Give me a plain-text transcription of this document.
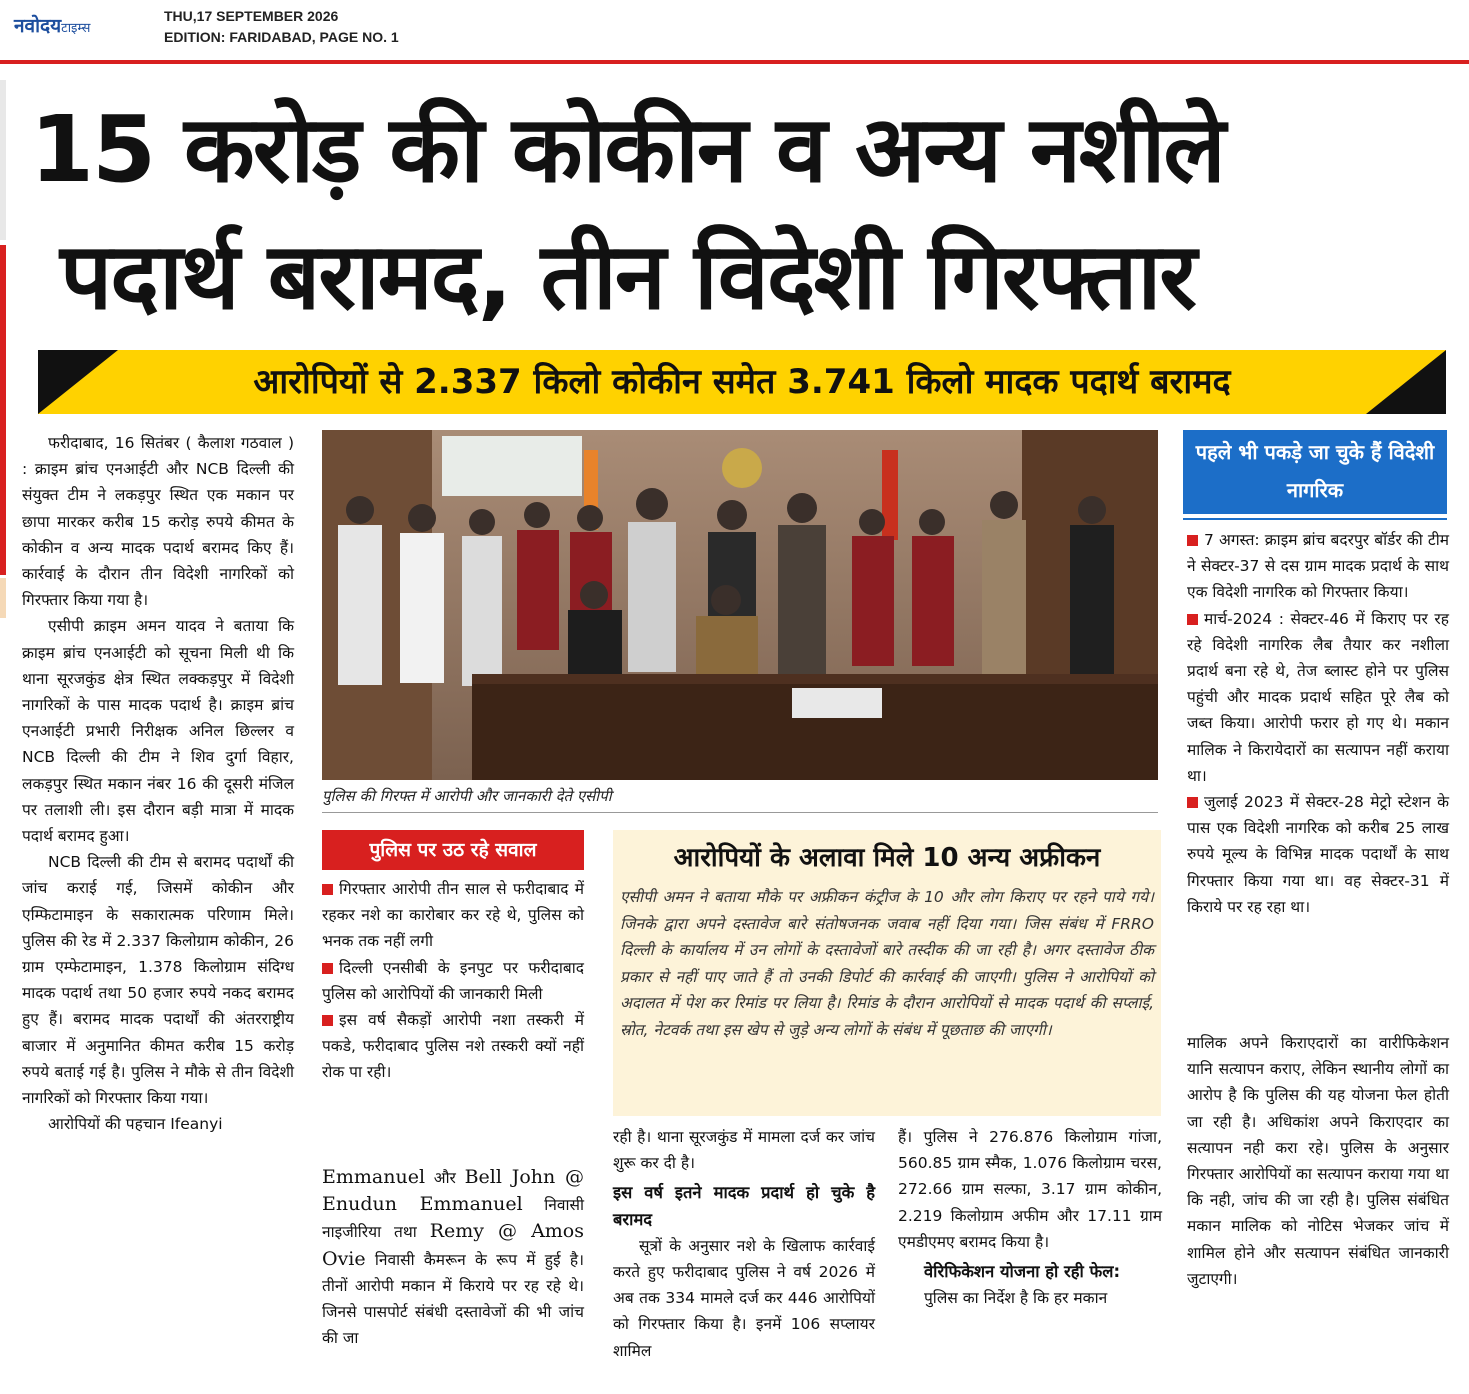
नवोदयटाइम्स
THU,17 SEPTEMBER 2026
EDITION: FARIDABAD, PAGE NO. 1
15 करोड़ की कोकीन व अन्य नशीले
पदार्थ बरामद, तीन विदेशी गिरफ्तार
आरोपियों से 2.337 किलो कोकीन समेत 3.741 किलो मादक पदार्थ बरामद

फरीदाबाद, 16 सितंबर ( कैलाश गठवाल ) : क्राइम ब्रांच एनआईटी और NCB दिल्ली की संयुक्त टीम ने लकड़पुर स्थित एक मकान पर छापा मारकर करीब 15 करोड़ रुपये कीमत के कोकीन व अन्य मादक पदार्थ बरामद किए हैं। कार्रवाई के दौरान तीन विदेशी नागरिकों को गिरफ्तार किया गया है।

एसीपी क्राइम अमन यादव ने बताया कि क्राइम ब्रांच एनआईटी को सूचना मिली थी कि थाना सूरजकुंड क्षेत्र स्थित लक्कड़पुर में विदेशी नागरिकों के पास मादक पदार्थ है। क्राइम ब्रांच एनआईटी प्रभारी निरीक्षक अनिल छिल्लर व NCB दिल्ली की टीम ने शिव दुर्गा विहार, लकड़पुर स्थित मकान नंबर 16 की दूसरी मंजिल पर तलाशी ली। इस दौरान बड़ी मात्रा में मादक पदार्थ बरामद हुआ।

NCB दिल्ली की टीम से बरामद पदार्थों की जांच कराई गई, जिसमें कोकीन और एम्फिटामाइन के सकारात्मक परिणाम मिले। पुलिस की रेड में 2.337 किलोग्राम कोकीन, 26 ग्राम एम्फेटामाइन, 1.378 किलोग्राम संदिग्ध मादक पदार्थ तथा 50 हजार रुपये नकद बरामद हुए हैं। बरामद मादक पदार्थों की अंतरराष्ट्रीय बाजार में अनुमानित कीमत करीब 15 करोड़ रुपये बताई गई है। पुलिस ने मौके से तीन विदेशी नागरिकों को गिरफ्तार किया गया।

आरोपियों की पहचान Ifeanyi

पुलिस की गिरफ्त में आरोपी और जानकारी देते एसीपी
पुलिस पर उठ रहे सवाल

गिरफ्तार आरोपी तीन साल से फरीदाबाद में रहकर नशे का कारोबार कर रहे थे, पुलिस को भनक तक नहीं लगी

दिल्ली एनसीबी के इनपुट पर फरीदाबाद पुलिस को आरोपियों की जानकारी मिली

इस वर्ष सैकड़ों आरोपी नशा तस्करी में पकडे, फरीदाबाद पुलिस नशे तस्करी क्यों नहीं रोक पा रही।

Emmanuel और Bell John @ Enudun Emmanuel निवासी नाइजीरिया तथा Remy @ Amos Ovie निवासी कैमरून के रूप में हुई है। तीनों आरोपी मकान में किराये पर रह रहे थे। जिनसे पासपोर्ट संबंधी दस्तावेजों की भी जांच की जा

आरोपियों के अलावा मिले 10 अन्य अफ्रीकन
एसीपी अमन ने बताया मौके पर अफ्रीकन कंट्रीज के 10 और लोग किराए पर रहने पाये गये। जिनके द्वारा अपने दस्तावेज बारे संतोषजनक जवाब नहीं दिया गया। जिस संबंध में FRRO दिल्ली के कार्यालय में उन लोगों के दस्तावेजों बारे तस्दीक की जा रही है। अगर दस्तावेज ठीक प्रकार से नहीं पाए जाते हैं तो उनकी डिपोर्ट की कार्रवाई की जाएगी। पुलिस ने आरोपियों को अदालत में पेश कर रिमांड पर लिया है। रिमांड के दौरान आरोपियों से मादक पदार्थ की सप्लाई, स्रोत, नेटवर्क तथा इस खेप से जुड़े अन्य लोगों के संबंध में पूछताछ की जाएगी।

रही है। थाना सूरजकुंड में मामला दर्ज कर जांच शुरू कर दी है।

इस वर्ष इतने मादक प्रदार्थ हो चुके है बरामद

सूत्रों के अनुसार नशे के खिलाफ कार्रवाई करते हुए फरीदाबाद पुलिस ने वर्ष 2026 में अब तक 334 मामले दर्ज कर 446 आरोपियों को गिरफ्तार किया है। इनमें 106 सप्लायर शामिल

हैं। पुलिस ने 276.876 किलोग्राम गांजा, 560.85 ग्राम स्मैक, 1.076 किलोग्राम चरस, 272.66 ग्राम सल्फा, 3.17 ग्राम कोकीन, 2.219 किलोग्राम अफीम और 17.11 ग्राम एमडीएमए बरामद किया है।

वेरिफिकेशन योजना हो रही फेल:

पुलिस का निर्देश है कि हर मकान

पहले भी पकड़े जा चुके हैं विदेशी नागरिक

7 अगस्त: क्राइम ब्रांच बदरपुर बॉर्डर की टीम ने सेक्टर-37 से दस ग्राम मादक प्रदार्थ के साथ एक विदेशी नागरिक को गिरफ्तार किया।

मार्च-2024 : सेक्टर-46 में किराए पर रह रहे विदेशी नागरिक लैब तैयार कर नशीला प्रदार्थ बना रहे थे, तेज ब्लास्ट होने पर पुलिस पहुंची और मादक प्रदार्थ सहित पूरे लैब को जब्त किया। आरोपी फरार हो गए थे। मकान मालिक ने किरायेदारों का सत्यापन नहीं कराया था।

जुलाई 2023 में सेक्टर-28 मेट्रो स्टेशन के पास एक विदेशी नागरिक को करीब 25 लाख रुपये मूल्य के विभिन्न मादक पदार्थों के साथ गिरफ्तार किया गया था। वह सेक्टर-31 में किराये पर रह रहा था।

मालिक अपने किराएदारों का वारीफिकेशन यानि सत्यापन कराए, लेकिन स्थानीय लोगों का आरोप है कि पुलिस की यह योजना फेल होती जा रही है। अधिकांश अपने किराएदार का सत्यापन नही करा रहे। पुलिस के अनुसार गिरफ्तार आरोपियों का सत्यापन कराया गया था कि नही, जांच की जा रही है। पुलिस संबंधित मकान मालिक को नोटिस भेजकर जांच में शामिल होने और सत्यापन संबंधित जानकारी जुटाएगी।
